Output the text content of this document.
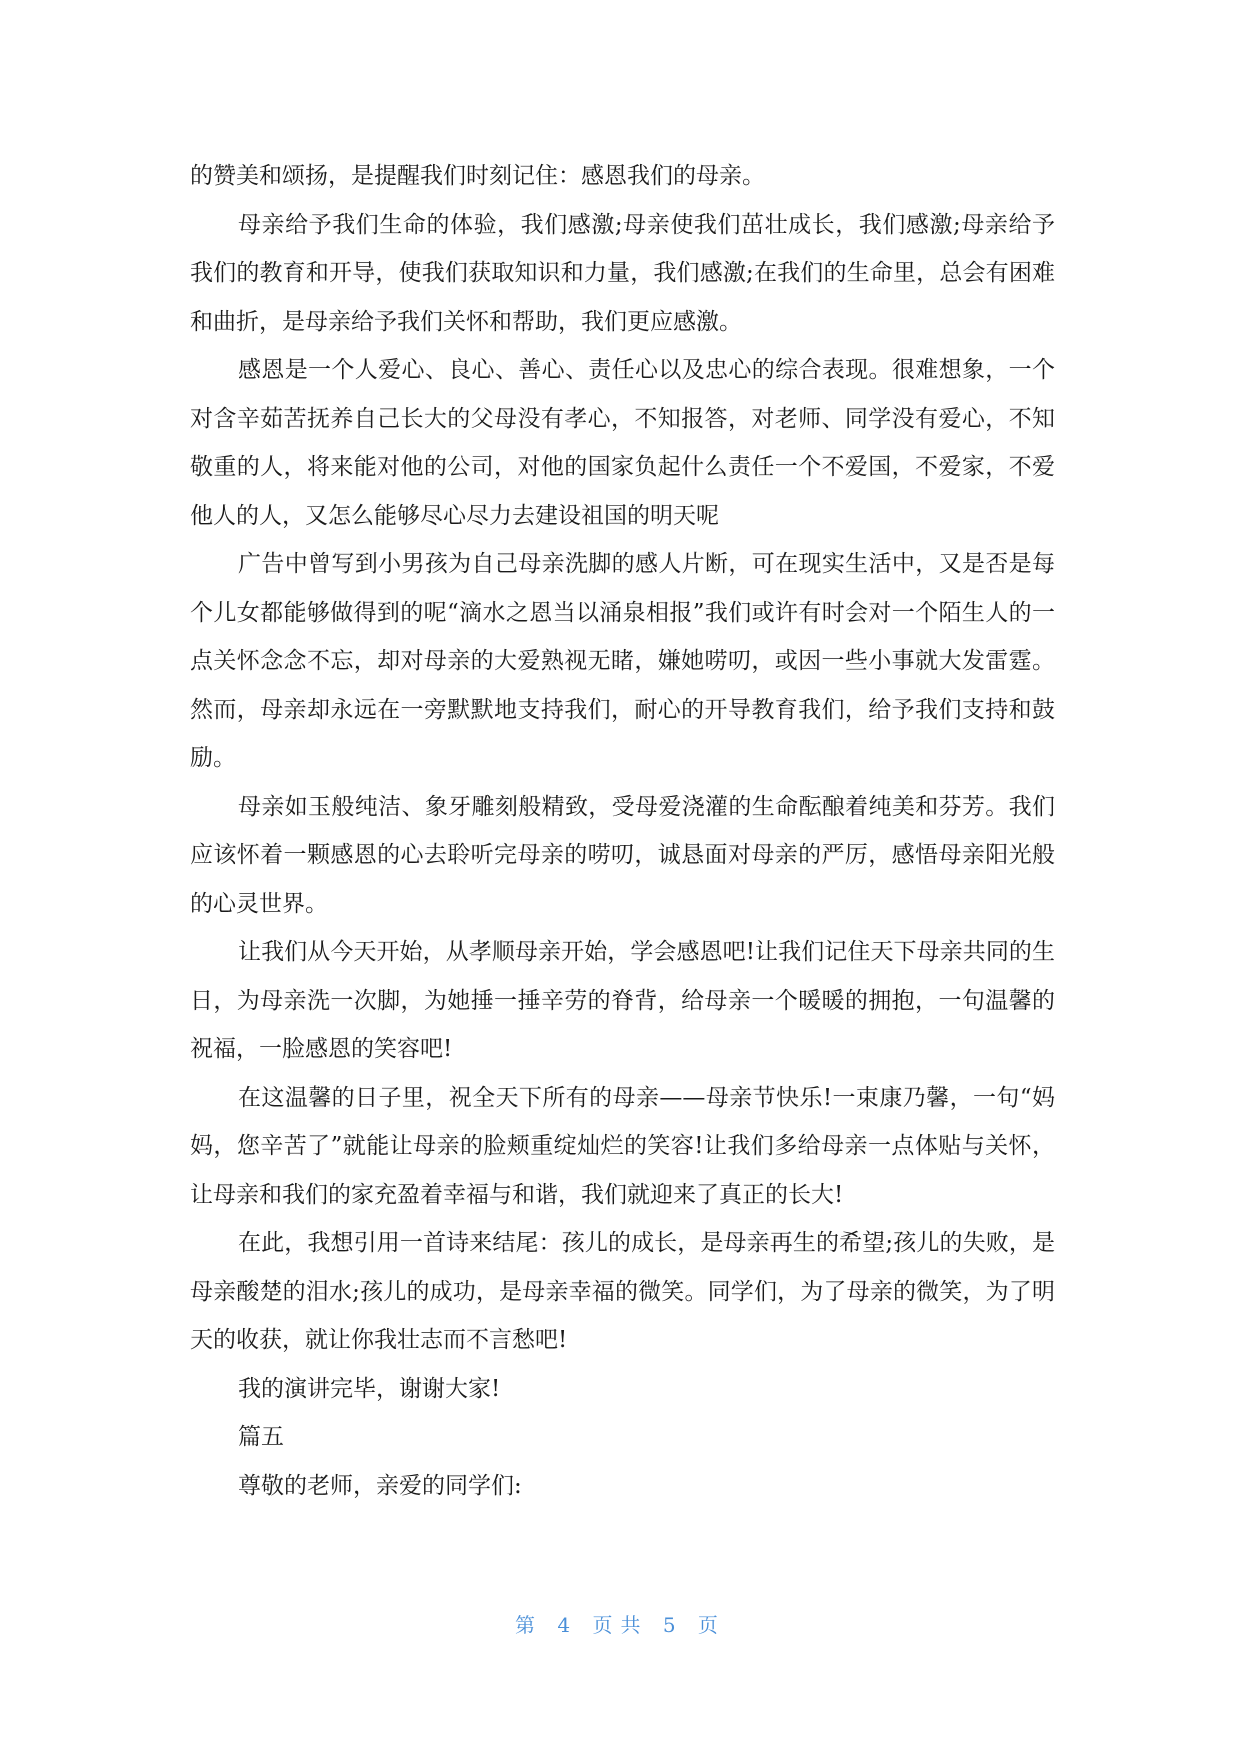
的赞美和颂扬，是提醒我们时刻记住：感恩我们的母亲。

母亲给予我们生命的体验，我们感激;母亲使我们茁壮成长，我们感激;母亲给予我们的教育和开导，使我们获取知识和力量，我们感激;在我们的生命里，总会有困难和曲折，是母亲给予我们关怀和帮助，我们更应感激。

感恩是一个人爱心、良心、善心、责任心以及忠心的综合表现。很难想象，一个对含辛茹苦抚养自己长大的父母没有孝心，不知报答，对老师、同学没有爱心，不知敬重的人，将来能对他的公司，对他的国家负起什么责任一个不爱国，不爱家，不爱他人的人，又怎么能够尽心尽力去建设祖国的明天呢

广告中曾写到小男孩为自己母亲洗脚的感人片断，可在现实生活中，又是否是每个儿女都能够做得到的呢“滴水之恩当以涌泉相报”我们或许有时会对一个陌生人的一点关怀念念不忘，却对母亲的大爱熟视无睹，嫌她唠叨，或因一些小事就大发雷霆。然而，母亲却永远在一旁默默地支持我们，耐心的开导教育我们，给予我们支持和鼓励。

母亲如玉般纯洁、象牙雕刻般精致，受母爱浇灌的生命酝酿着纯美和芬芳。我们应该怀着一颗感恩的心去聆听完母亲的唠叨，诚恳面对母亲的严厉，感悟母亲阳光般的心灵世界。

让我们从今天开始，从孝顺母亲开始，学会感恩吧!让我们记住天下母亲共同的生日，为母亲洗一次脚，为她捶一捶辛劳的脊背，给母亲一个暖暖的拥抱，一句温馨的祝福，一脸感恩的笑容吧!

在这温馨的日子里，祝全天下所有的母亲——母亲节快乐!一束康乃馨，一句“妈妈，您辛苦了”就能让母亲的脸颊重绽灿烂的笑容!让我们多给母亲一点体贴与关怀，让母亲和我们的家充盈着幸福与和谐，我们就迎来了真正的长大!

在此，我想引用一首诗来结尾：孩儿的成长，是母亲再生的希望;孩儿的失败，是母亲酸楚的泪水;孩儿的成功，是母亲幸福的微笑。同学们，为了母亲的微笑，为了明天的收获，就让你我壮志而不言愁吧!

我的演讲完毕，谢谢大家!

篇五

尊敬的老师，亲爱的同学们:

第 4 页共 5 页
